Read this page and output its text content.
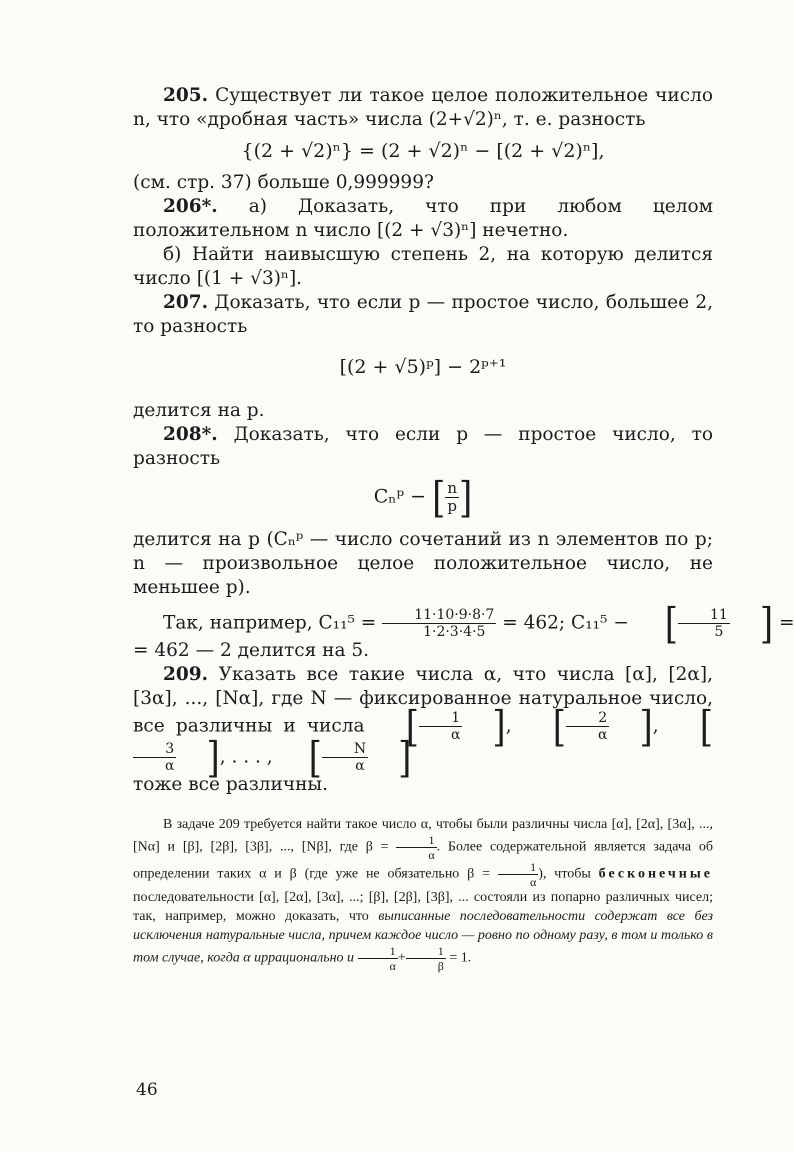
205. Существует ли такое целое положительное число n, что «дробная часть» числа (2+√2)ⁿ, т. е. разность

{(2 + √2)ⁿ} = (2 + √2)ⁿ − [(2 + √2)ⁿ],

(см. стр. 37) больше 0,999999?

206*. а) Доказать, что при любом целом положительном n число [(2 + √3)ⁿ] нечетно.

б) Найти наивысшую степень 2, на которую делится число [(1 + √3)ⁿ].

207. Доказать, что если p — простое число, большее 2, то разность

[(2 + √5)ᵖ] − 2ᵖ⁺¹

делится на p.

208*. Доказать, что если p — простое число, то разность

Cₙᵖ − [ $\frac{n}{p}$ ]

делится на p (Cₙᵖ — число сочетаний из n элементов по p; n — произвольное целое положительное число, не меньшее p).

Так, например, $C_{11}^5 = \frac{11\cdot 10\cdot 9\cdot 8\cdot 7}{1\cdot 2\cdot 3\cdot 4\cdot 5} = 462$; C₁₁⁵ − [ $\frac{11}{5}$ ] =

= 462 — 2 делится на 5.

209. Указать все такие числа α, что числа [α], [2α], [3α], ..., [Nα], где N — фиксированное натуральное число, все различны и числа [ $\frac{1}{\alpha}$ ], [ $\frac{2}{\alpha}$ ], [
$\frac{3}{\alpha}$ ], . . . , [ $\frac{N}{\alpha}$ ]

тоже все различны.

В задаче 209 требуется найти такое число α, чтобы были различны числа [α], [2α], [3α], ..., [Nα] и [β], [2β], [3β], ..., [Nβ], где $\beta = \frac{1}{\alpha}$ . Более содержательной является задача об определении таких α и β (где уже не обязательно $\beta = \frac{1}{\alpha}$ ), чтобы бесконечные последовательности [α], [2α], [3α], ...; [β], [2β], [3β], ... состояли из попарно различных чисел; так, например, можно доказать, что выписанные последовательности содержат все без исключения натуральные числа, причем каждое число — ровно по одному разу, в том и только в том случае, когда α иррационально и $\frac{1}{\alpha} + \frac{1}{\beta} = 1$.

46
